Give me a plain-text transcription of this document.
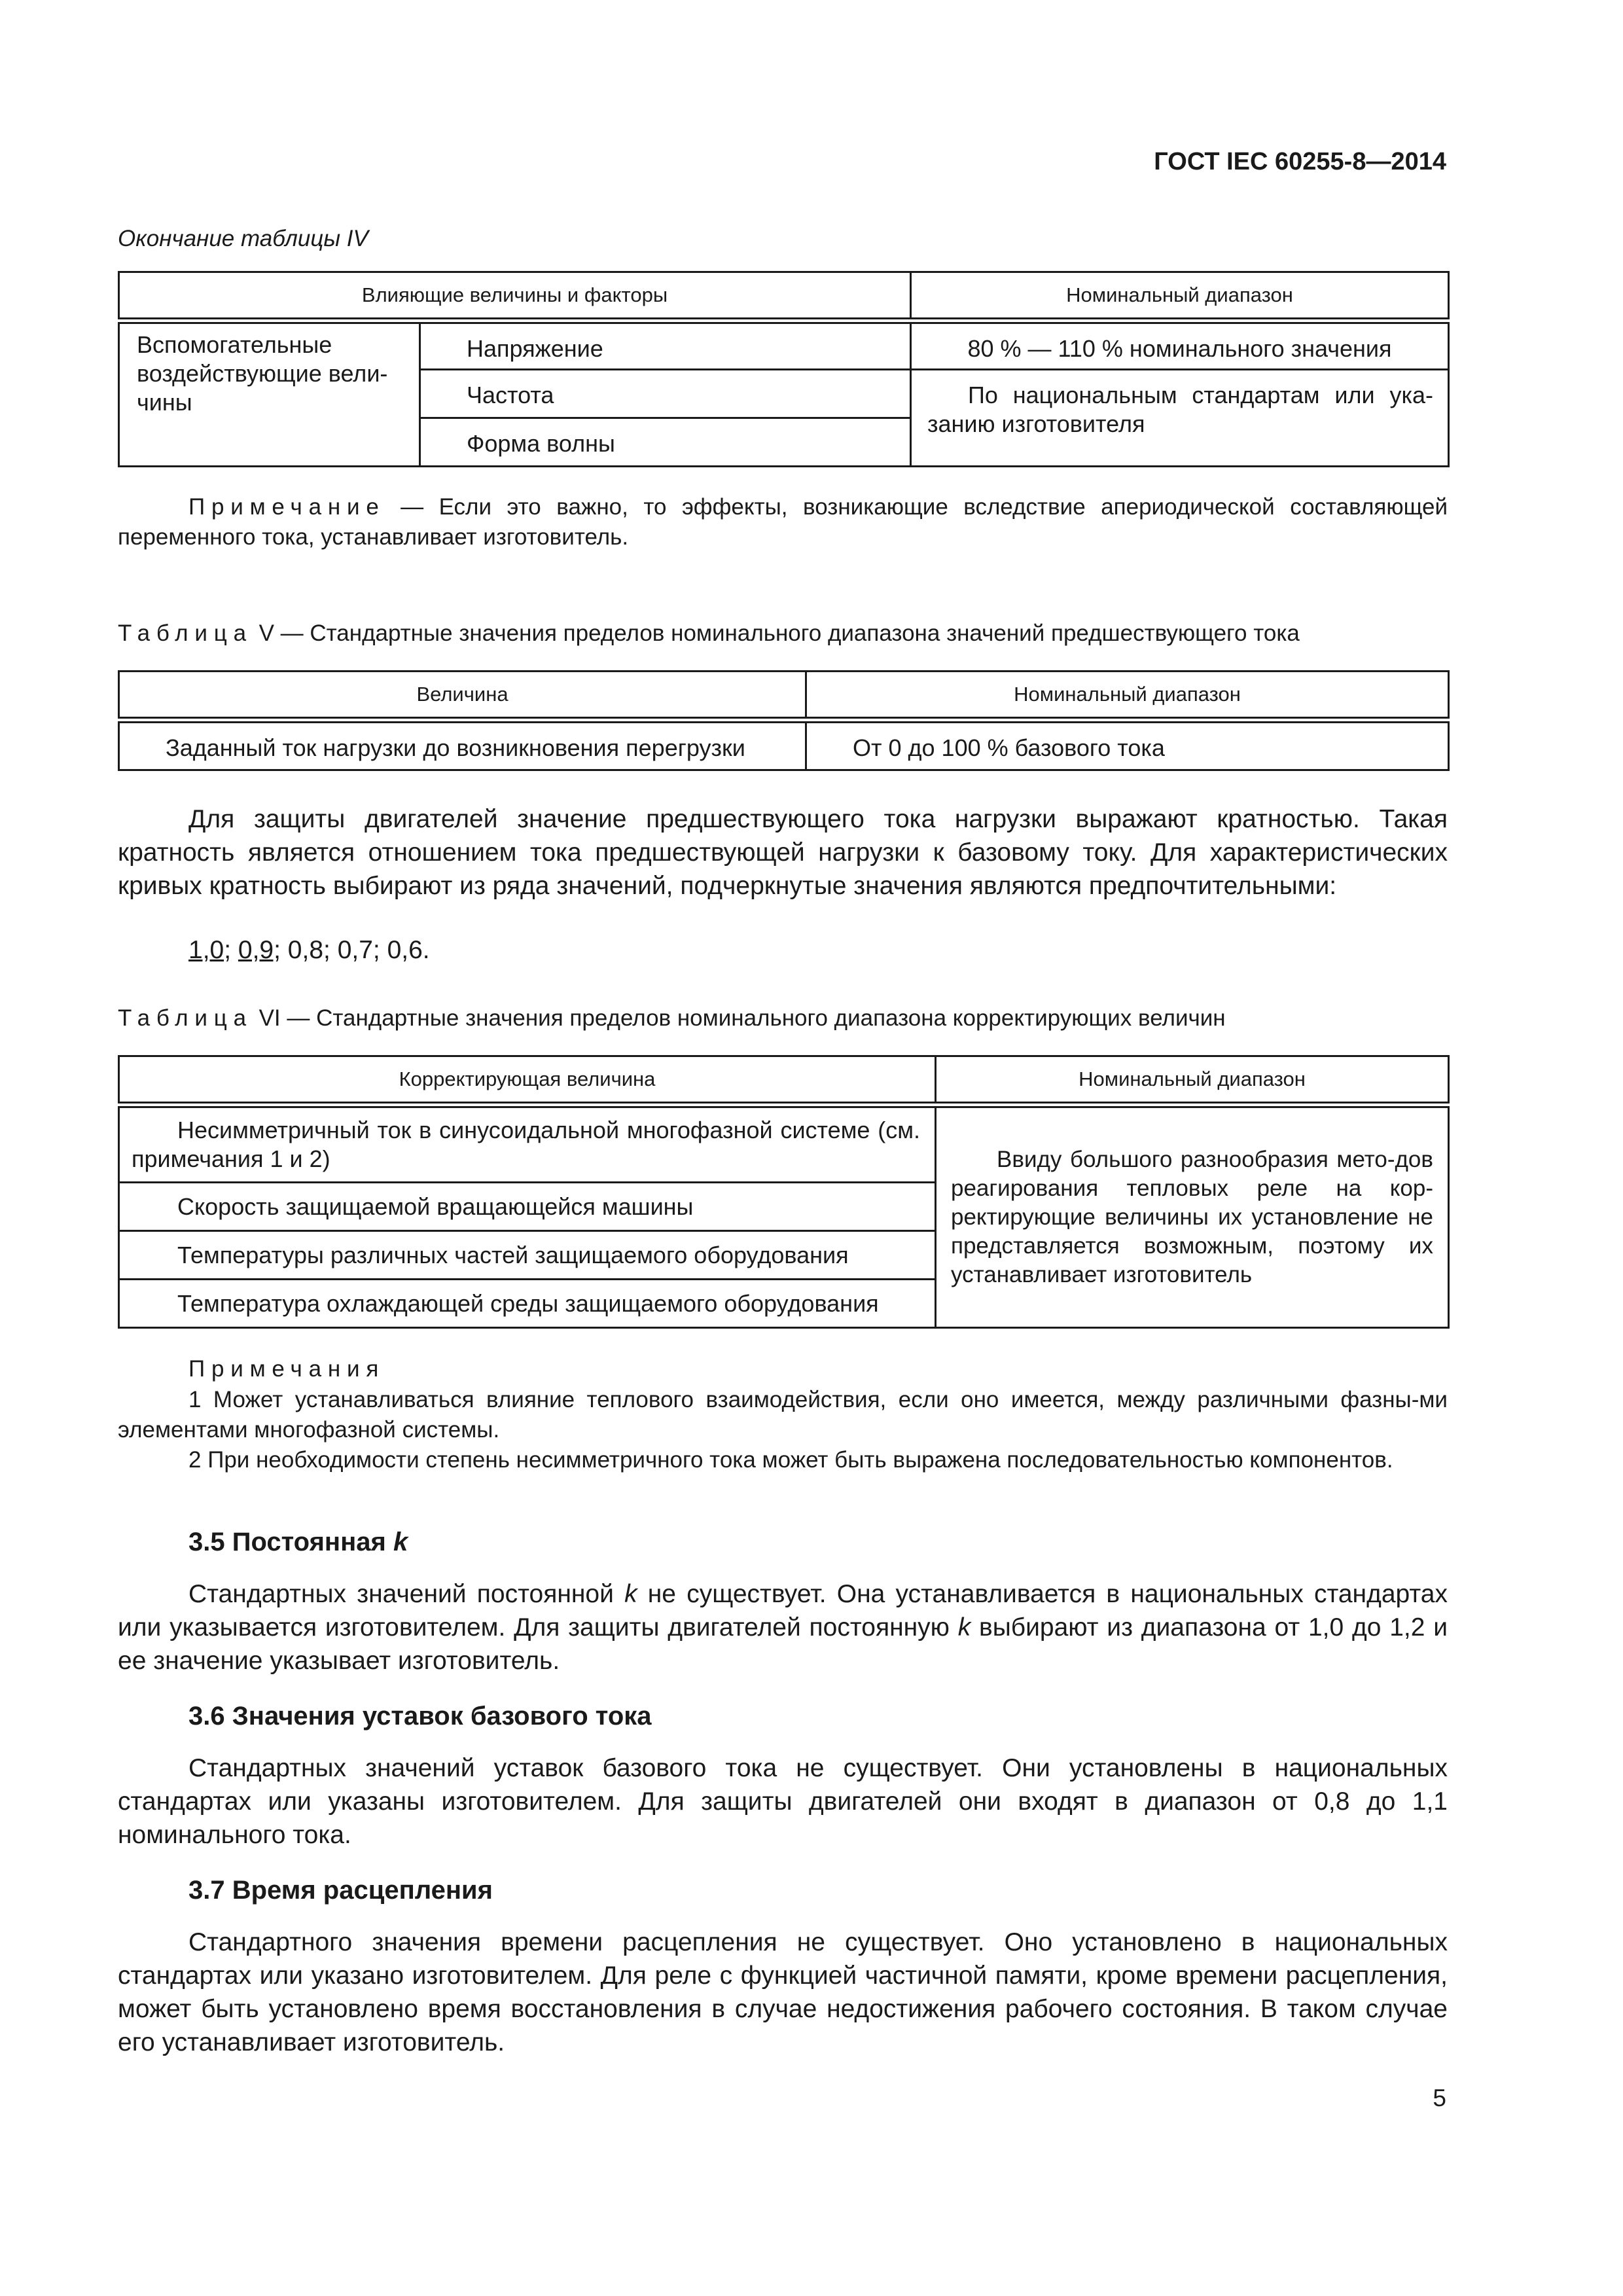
ГОСТ IEC 60255-8—2014
Окончание таблицы IV
Влияющие величины и факторы		Номинальный диапазон

Вспомогательные воздействующие вели-чины	Напряжение	80 % — 110 % номинального значения

	Частота	По национальным стандартам или ука-занию изготовителя

	Форма волны	
Примечание — Если это важно, то эффекты, возникающие вследствие апериодической составляющей переменного тока, устанавливает изготовитель.
Таблица V — Стандартные значения пределов номинального диапазона значений предшествующего тока
Величина	Номинальный диапазон

Заданный ток нагрузки до возникновения перегрузки	От 0 до 100 % базового тока
Для защиты двигателей значение предшествующего тока нагрузки выражают кратностью. Такая кратность является отношением тока предшествующей нагрузки к базовому току. Для характеристических кривых кратность выбирают из ряда значений, подчеркнутые значения являются предпочтительными:
1,0; 0,9; 0,8; 0,7; 0,6.
Таблица VI — Стандартные значения пределов номинального диапазона корректирующих величин
Корректирующая величина	Номинальный диапазон

Несимметричный ток в синусоидальной многофазной системе (см. примечания 1 и 2)	Ввиду большого разнообразия мето-дов реагирования тепловых реле на кор-ректирующие величины их установление не представляется возможным, поэтому их устанавливает изготовитель

Скорость защищаемой вращающейся машины	

Температуры различных частей защищаемого оборудования	

Температура охлаждающей среды защищаемого оборудования	
Примечания
1 Может устанавливаться влияние теплового взаимодействия, если оно имеется, между различными фазны-ми элементами многофазной системы.
2 При необходимости степень несимметричного тока может быть выражена последовательностью компонентов.
3.5 Постоянная k
Стандартных значений постоянной k не существует. Она устанавливается в национальных стандартах или указывается изготовителем. Для защиты двигателей постоянную k выбирают из диапазона от 1,0 до 1,2 и ее значение указывает изготовитель.
3.6 Значения уставок базового тока
Стандартных значений уставок базового тока не существует. Они установлены в национальных стандартах или указаны изготовителем. Для защиты двигателей они входят в диапазон от 0,8 до 1,1 номинального тока.
3.7 Время расцепления
Стандартного значения времени расцепления не существует. Оно установлено в национальных стандартах или указано изготовителем. Для реле с функцией частичной памяти, кроме времени расцепления, может быть установлено время восстановления в случае недостижения рабочего состояния. В таком случае его устанавливает изготовитель.
5
